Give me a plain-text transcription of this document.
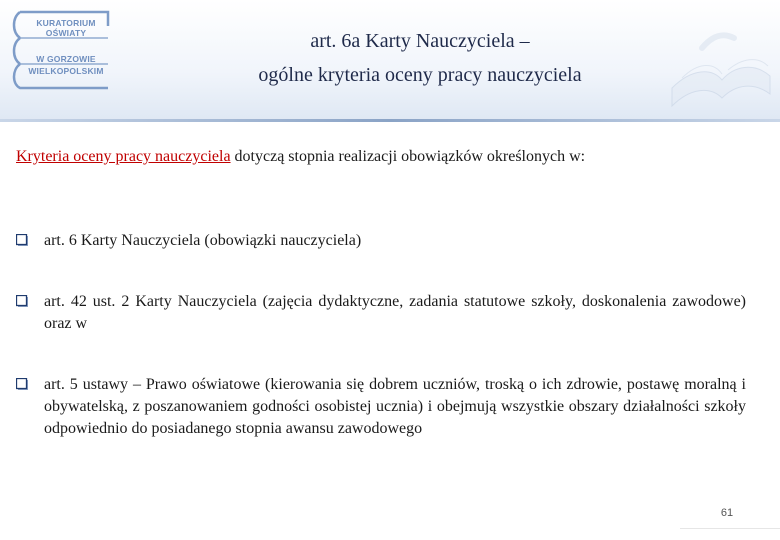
KURATORIUM
OŚWIATY
W GORZOWIE
WIELKOPOLSKIM
art. 6a Karty Nauczyciela –
ogólne kryteria oceny pracy nauczyciela
Kryteria oceny pracy nauczyciela dotyczą stopnia realizacji obowiązków określonych w:
art. 6 Karty Nauczyciela (obowiązki nauczyciela)
art. 42 ust. 2 Karty Nauczyciela (zajęcia dydaktyczne, zadania statutowe szkoły, doskonalenia zawodowe) oraz w
art. 5 ustawy – Prawo oświatowe (kierowania się dobrem uczniów, troską o ich zdrowie, postawę moralną i obywatelską, z poszanowaniem godności osobistej ucznia) i obejmują wszystkie obszary działalności szkoły odpowiednio do posiadanego stopnia awansu zawodowego
61
